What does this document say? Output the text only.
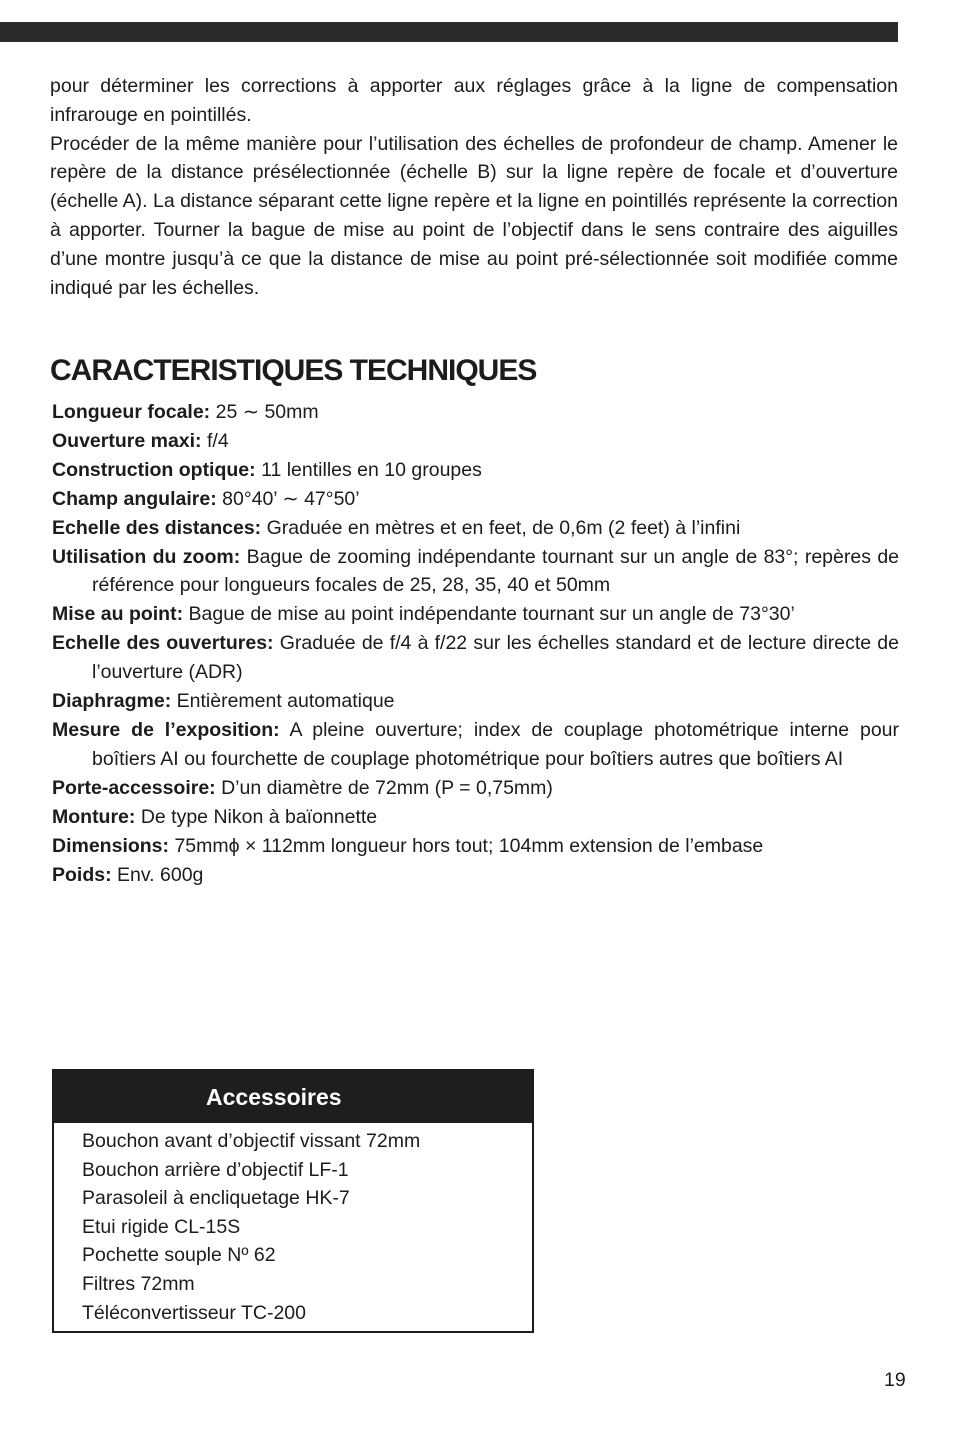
pour déterminer les corrections à apporter aux réglages grâce à la ligne de compensation infrarouge en pointillés.

Procéder de la même manière pour l’utilisation des échelles de profondeur de champ. Amener le repère de la distance présélectionnée (échelle B) sur la ligne repère de focale et d’ouverture (échelle A). La distance séparant cette ligne repère et la ligne en pointillés représente la correction à apporter. Tourner la bague de mise au point de l’objectif dans le sens contraire des aiguilles d’une montre jusqu’à ce que la distance de mise au point pré-sélectionnée soit modifiée comme indiqué par les échelles.

CARACTERISTIQUES TECHNIQUES

Longueur focale: 25 ∼ 50mm

Ouverture maxi: f/4

Construction optique: 11 lentilles en 10 groupes

Champ angulaire: 80°40’ ∼ 47°50’

Echelle des distances: Graduée en mètres et en feet, de 0,6m (2 feet) à l’infini

Utilisation du zoom: Bague de zooming indépendante tournant sur un angle de 83°; repères de référence pour longueurs focales de 25, 28, 35, 40 et 50mm

Mise au point: Bague de mise au point indépendante tournant sur un angle de 73°30’

Echelle des ouvertures: Graduée de f/4 à f/22 sur les échelles standard et de lecture directe de l’ouverture (ADR)

Diaphragme: Entièrement automatique

Mesure de l’exposition: A pleine ouverture; index de couplage photométrique interne pour boîtiers AI ou fourchette de couplage photométrique pour boîtiers autres que boîtiers AI

Porte-accessoire: D’un diamètre de 72mm (P = 0,75mm)

Monture: De type Nikon à baïonnette

Dimensions: 75mmϕ × 112mm longueur hors tout; 104mm extension de l’embase

Poids: Env. 600g

Accessoires
Bouchon avant d’objectif vissant 72mm
Bouchon arrière d’objectif LF-1
Parasoleil à encliquetage HK-7
Etui rigide CL-15S
Pochette souple Nº 62
Filtres 72mm
Téléconvertisseur TC-200
19
